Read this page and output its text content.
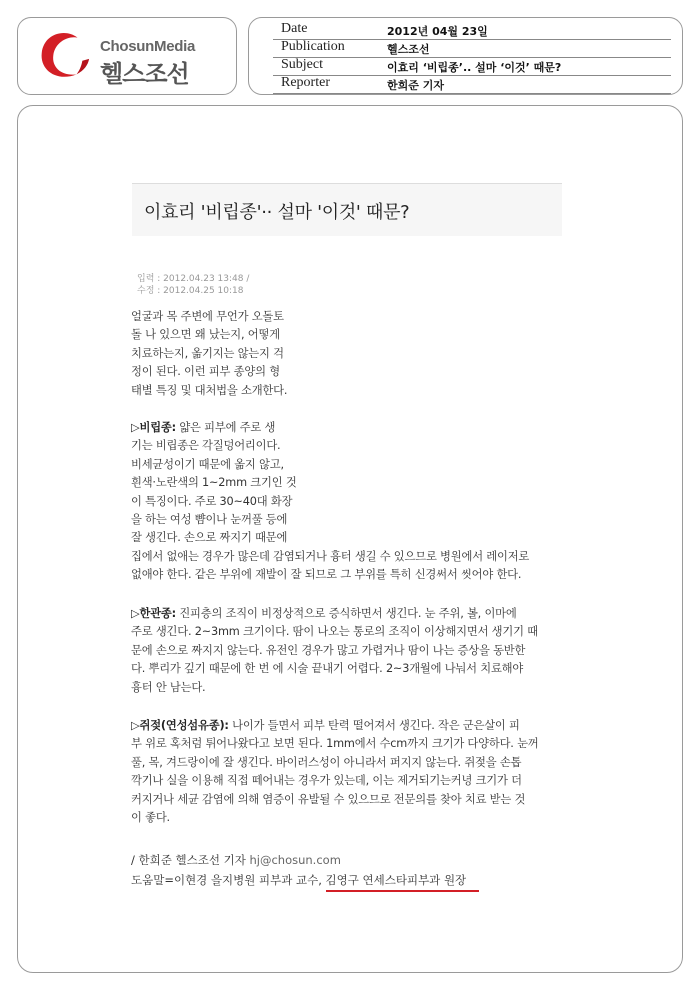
ChosunMedia
헬스조선
Date	2012년 04월 23일
Publication	헬스조선
Subject	이효리 ‘비립종’.. 설마 ‘이것’ 때문?
Reporter	한희준 기자
이효리 '비립종'·· 설마 '이것' 때문?
입력 : 2012.04.23 13:48 /
수정 : 2012.04.25 10:18

얼굴과 목 주변에 무언가 오돌토

돌 나 있으면 왜 났는지, 어떻게

치료하는지, 옮기지는 않는지 걱

정이 된다. 이런 피부 종양의 형

태별 특징 및 대처법을 소개한다.

▷비립종: 얇은 피부에 주로 생

기는 비립종은 각질덩어리이다.

비세균성이기 때문에 옮지 않고,

흰색·노란색의 1~2mm 크기인 것

이 특징이다. 주로 30~40대 화장

을 하는 여성 뺨이나 눈꺼풀 등에

잘 생긴다. 손으로 짜지기 때문에

집에서 없애는 경우가 많은데 감염되거나 흉터 생길 수 있으므로 병원에서 레이저로

없애야 한다. 같은 부위에 재발이 잘 되므로 그 부위를 특히 신경써서 씻어야 한다.

▷한관종: 진피층의 조직이 비정상적으로 증식하면서 생긴다. 눈 주위, 볼, 이마에

주로 생긴다. 2~3mm 크기이다. 땀이 나오는 통로의 조직이 이상해지면서 생기기 때

문에 손으로 짜지지 않는다. 유전인 경우가 많고 가렵거나 땀이 나는 증상을 동반한

다. 뿌리가 깊기 때문에 한 번 에 시술 끝내기 어렵다. 2~3개월에 나눠서 치료해야

흉터 안 남는다.

▷쥐젖(연성섬유종): 나이가 들면서 피부 탄력 떨어져서 생긴다. 작은 군은살이 피

부 위로 혹처럼 튀어나왔다고 보면 된다. 1mm에서 수cm까지 크기가 다양하다. 눈꺼

풀, 목, 겨드랑이에 잘 생긴다. 바이러스성이 아니라서 퍼지지 않는다. 쥐젖을 손톱

깍기나 실을 이용해 직접 떼어내는 경우가 있는데, 이는 제거되기는커녕 크기가 더

커지거나 세균 감염에 의해 염증이 유발될 수 있으므로 전문의를 찾아 치료 받는 것

이 좋다.

/ 한희준 헬스조선 기자 hj@chosun.com
도움말=이현경 을지병원 피부과 교수, 김영구 연세스타피부과 원장
